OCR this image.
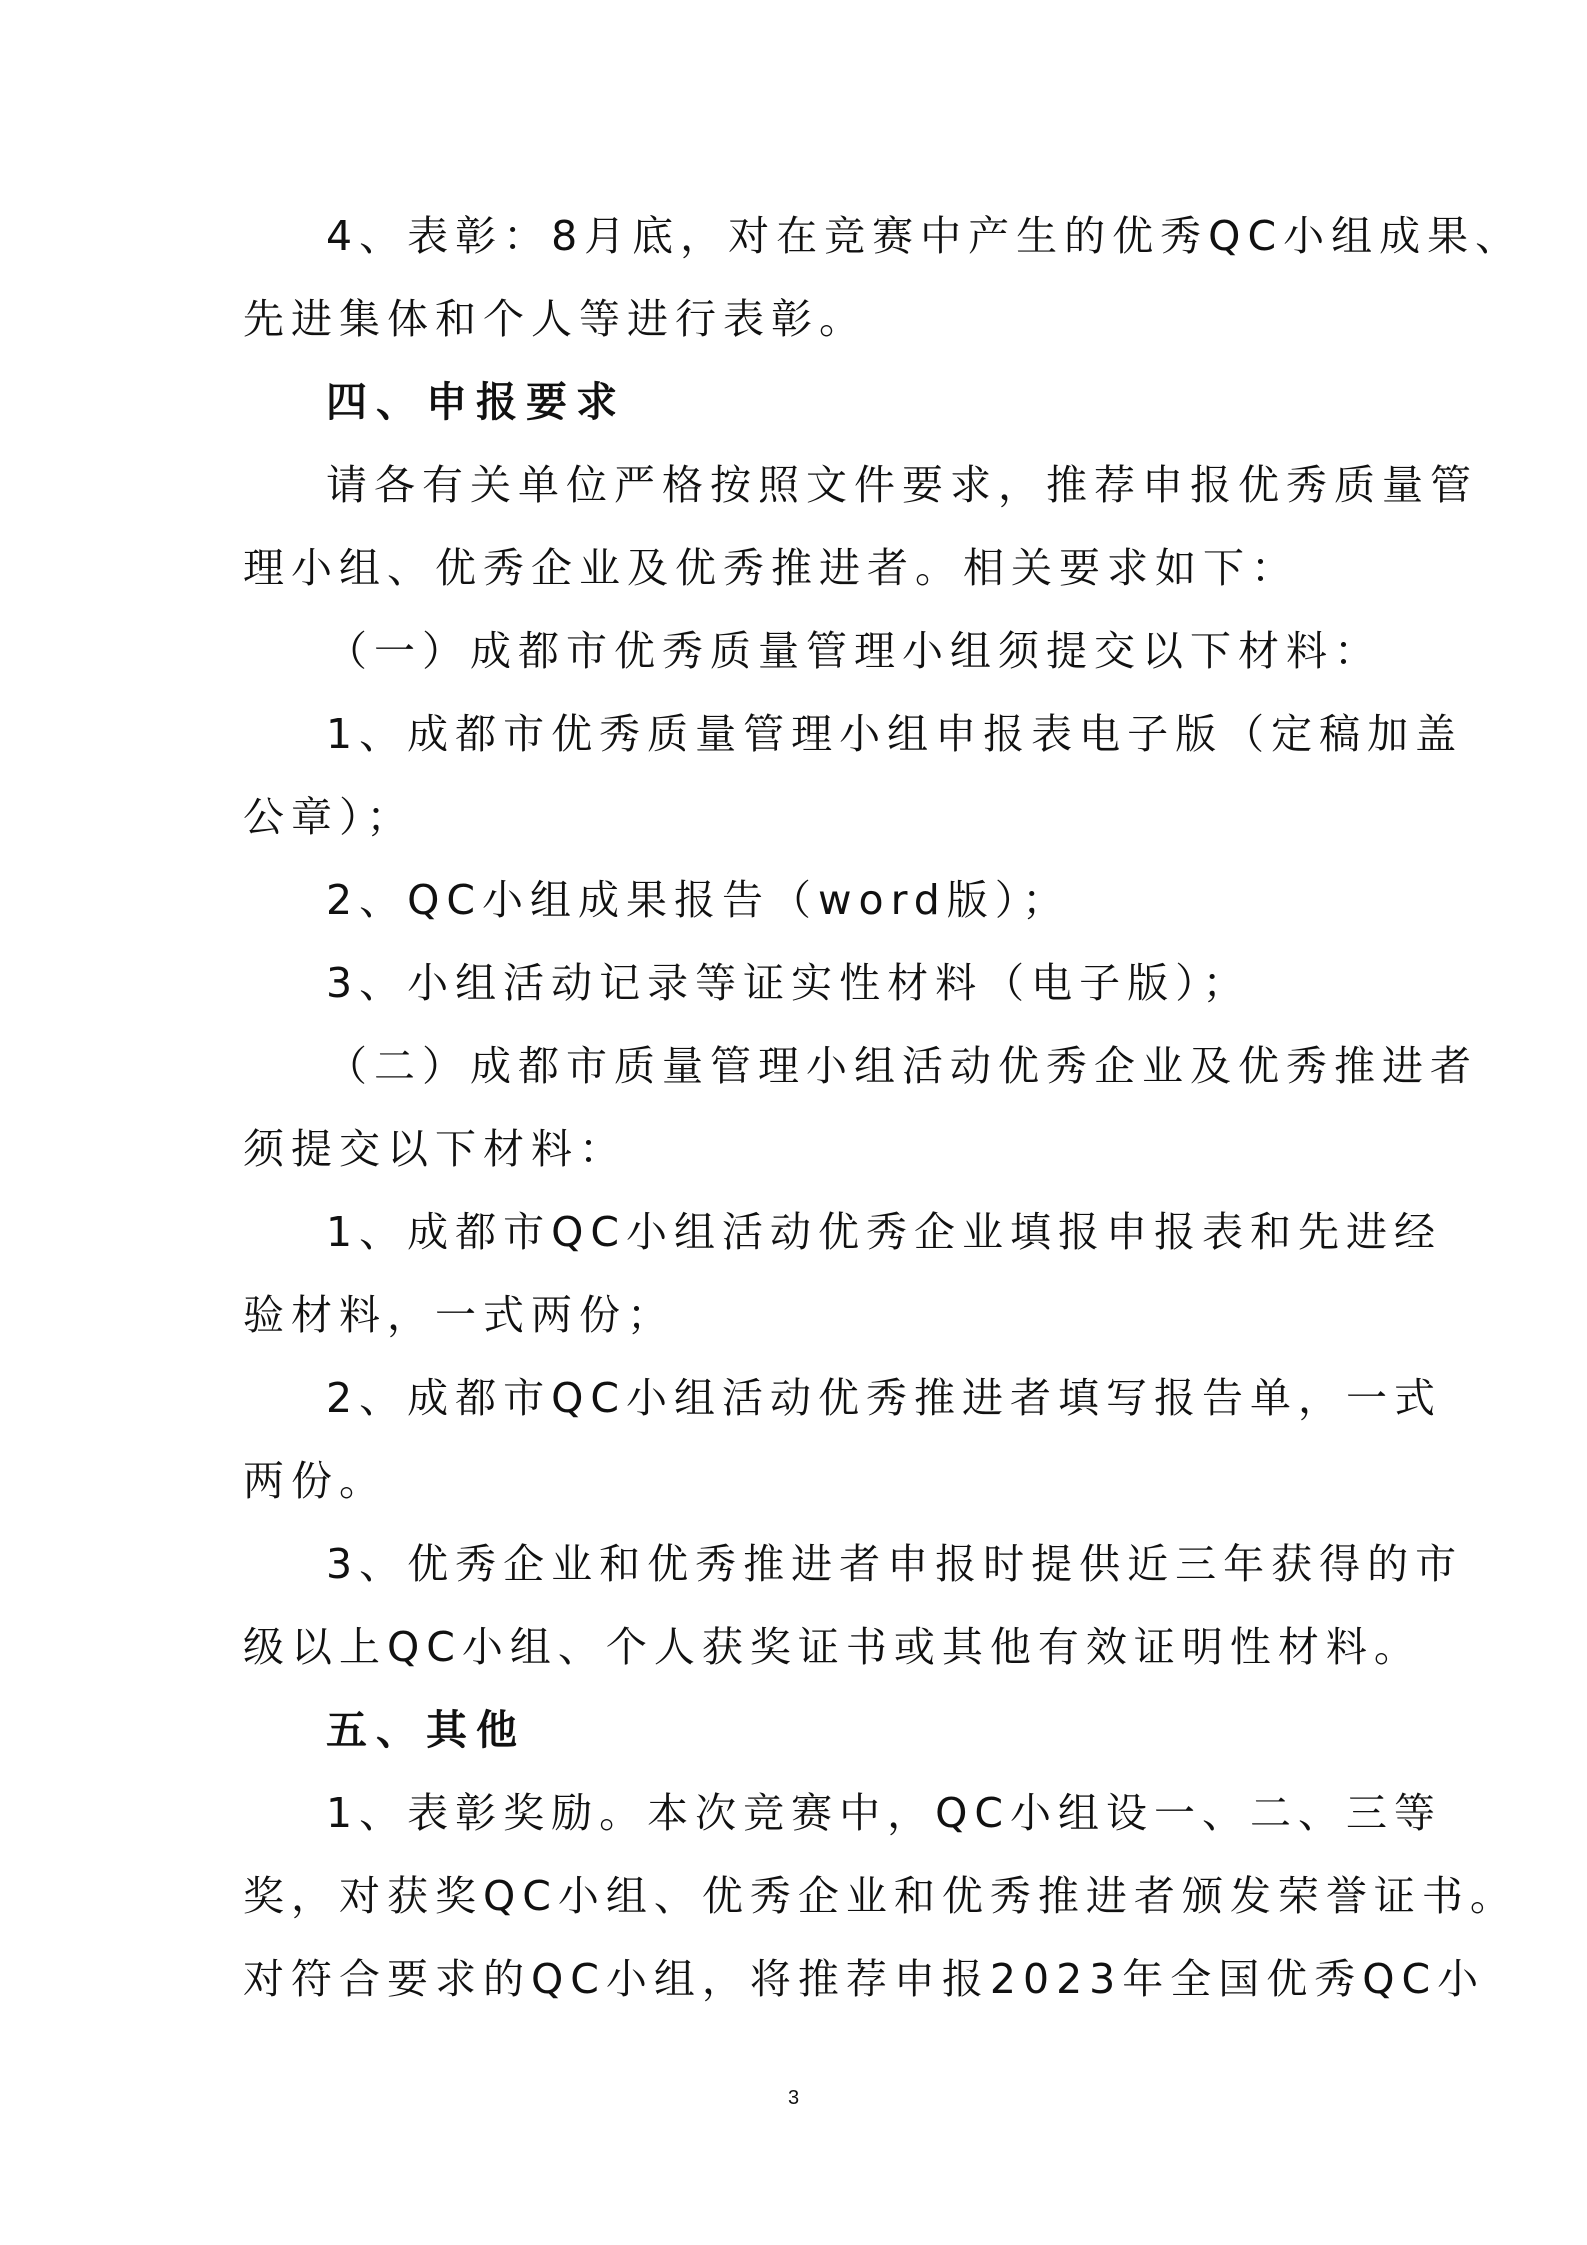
4、表彰：8月底，对在竞赛中产生的优秀QC小组成果、
先进集体和个人等进行表彰。
四、申报要求
请各有关单位严格按照文件要求，推荐申报优秀质量管
理小组、优秀企业及优秀推进者。相关要求如下：
（一）成都市优秀质量管理小组须提交以下材料：
1、成都市优秀质量管理小组申报表电子版（定稿加盖
公章）；
2、QC小组成果报告（word版）；
3、小组活动记录等证实性材料（电子版）；
（二）成都市质量管理小组活动优秀企业及优秀推进者
须提交以下材料：
1、成都市QC小组活动优秀企业填报申报表和先进经
验材料，一式两份；
2、成都市QC小组活动优秀推进者填写报告单，一式
两份。
3、优秀企业和优秀推进者申报时提供近三年获得的市
级以上QC小组、个人获奖证书或其他有效证明性材料。
五、其他
1、表彰奖励。本次竞赛中，QC小组设一、二、三等
奖，对获奖QC小组、优秀企业和优秀推进者颁发荣誉证书。
对符合要求的QC小组，将推荐申报2023年全国优秀QC小
3
